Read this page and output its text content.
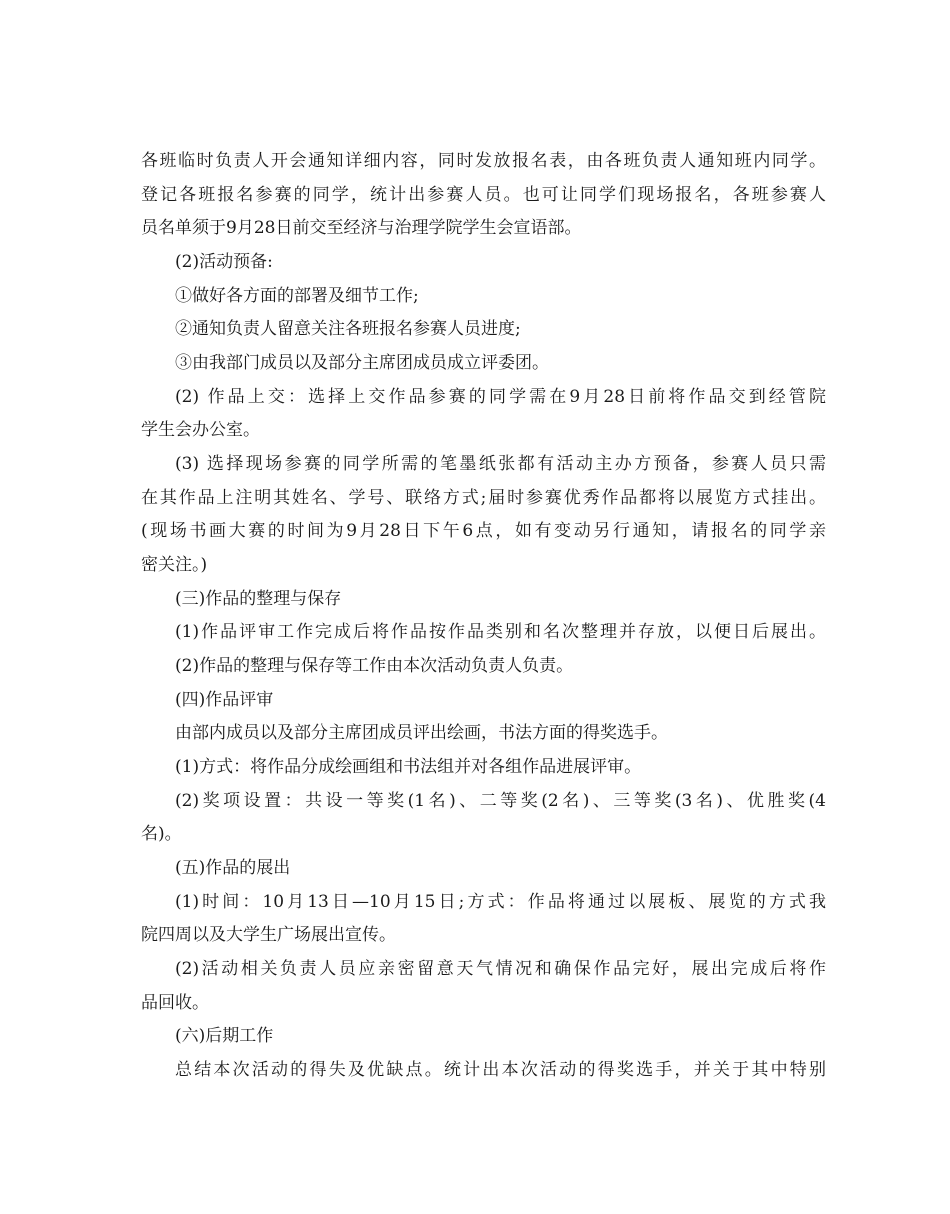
各班临时负责人开会通知详细内容，同时发放报名表，由各班负责人通知班内同学。
登记各班报名参赛的同学，统计出参赛人员。也可让同学们现场报名，各班参赛人
员名单须于9月28日前交至经济与治理学院学生会宣语部。
(2)活动预备:
①做好各方面的部署及细节工作;
②通知负责人留意关注各班报名参赛人员进度;
③由我部门成员以及部分主席团成员成立评委团。
(2) 作品上交：选择上交作品参赛的同学需在9月28日前将作品交到经管院
学生会办公室。
(3) 选择现场参赛的同学所需的笔墨纸张都有活动主办方预备，参赛人员只需
在其作品上注明其姓名、学号、联络方式;届时参赛优秀作品都将以展览方式挂出。
(现场书画大赛的时间为9月28日下午6点，如有变动另行通知，请报名的同学亲
密关注。)
(三)作品的整理与保存
(1)作品评审工作完成后将作品按作品类别和名次整理并存放，以便日后展出。
(2)作品的整理与保存等工作由本次活动负责人负责。
(四)作品评审
由部内成员以及部分主席团成员评出绘画，书法方面的得奖选手。
(1)方式：将作品分成绘画组和书法组并对各组作品进展评审。
(2)奖项设置：共设一等奖(1名)、二等奖(2名)、三等奖(3名)、优胜奖(4
名)。
(五)作品的展出
(1)时间：10月13日—10月15日;方式：作品将通过以展板、展览的方式我
院四周以及大学生广场展出宣传。
(2)活动相关负责人员应亲密留意天气情况和确保作品完好，展出完成后将作
品回收。
(六)后期工作
总结本次活动的得失及优缺点。统计出本次活动的得奖选手，并关于其中特别
